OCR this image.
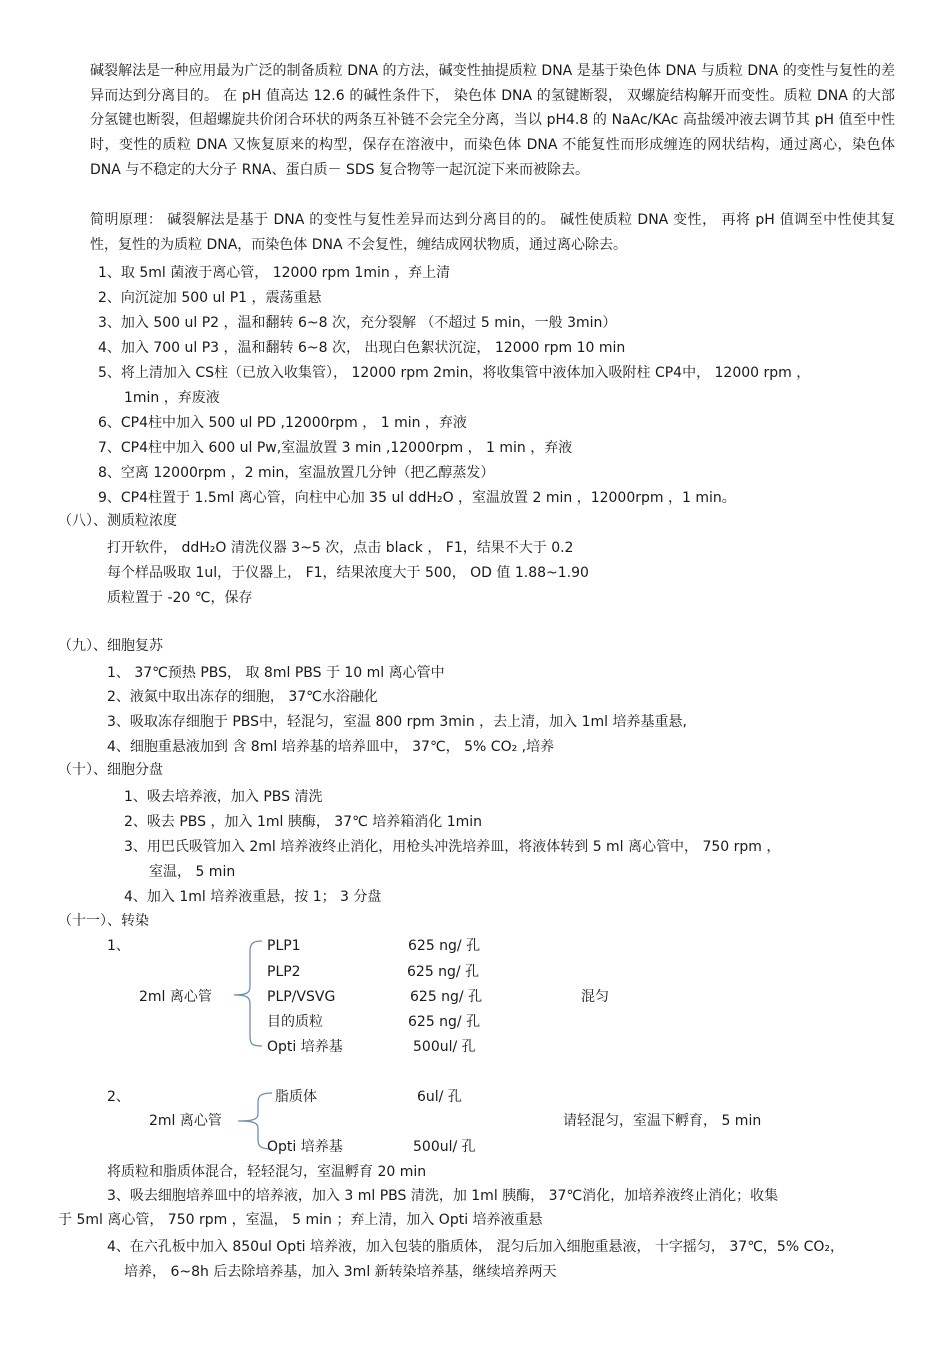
碱裂解法是一种应用最为广泛的制备质粒 DNA 的方法，碱变性抽提质粒 DNA 是基于染色体 DNA 与质粒 DNA 的变性与复性的差异而达到分离目的。 在 pH 值高达 12.6 的碱性条件下， 染色体 DNA 的氢键断裂， 双螺旋结构解开而变性。质粒 DNA 的大部分氢键也断裂，但超螺旋共价闭合环状的两条互补链不会完全分离，当以 pH4.8 的 NaAc/KAc 高盐缓冲液去调节其 pH 值至中性时，变性的质粒 DNA 又恢复原来的构型，保存在溶液中，而染色体 DNA 不能复性而形成缠连的网状结构，通过离心，染色体 DNA 与不稳定的大分子 RNA、蛋白质－ SDS 复合物等一起沉淀下来而被除去。
简明原理： 碱裂解法是基于 DNA 的变性与复性差异而达到分离目的的。 碱性使质粒 DNA 变性， 再将 pH 值调至中性使其复性，复性的为质粒 DNA，而染色体 DNA 不会复性，缠结成网状物质，通过离心除去。
1、取 5ml 菌液于离心管， 12000 rpm 1min ，弃上清
2、向沉淀加 500 ul P1 ，震荡重悬
3、加入 500 ul P2 ，温和翻转 6~8 次，充分裂解 （不超过 5 min，一般 3min）
4、加入 700 ul P3 ，温和翻转 6~8 次， 出现白色絮状沉淀， 12000 rpm 10 min
5、将上清加入 CS柱（已放入收集管）， 12000 rpm 2min，将收集管中液体加入吸附柱 CP4中， 12000 rpm ，
1min ，弃废液
6、CP4柱中加入 500 ul PD ,12000rpm ， 1 min ，弃液
7、CP4柱中加入 600 ul Pw,室温放置 3 min ,12000rpm ， 1 min ，弃液
8、空离 12000rpm ，2 min，室温放置几分钟（把乙醇蒸发）
9、CP4柱置于 1.5ml 离心管，向柱中心加 35 ul ddH₂O ，室温放置 2 min ，12000rpm ，1 min。
（八）、测质粒浓度
打开软件， ddH₂O 清洗仪器 3~5 次，点击 black ， F1，结果不大于 0.2
每个样品吸取 1ul，于仪器上， F1，结果浓度大于 500， OD 值 1.88~1.90
质粒置于 -20 ℃，保存
（九）、细胞复苏
1、 37℃预热 PBS， 取 8ml PBS 于 10 ml 离心管中
2、液氮中取出冻存的细胞， 37℃水浴融化
3、吸取冻存细胞于 PBS中，轻混匀，室温 800 rpm 3min ，去上清，加入 1ml 培养基重悬,
4、细胞重悬液加到 含 8ml 培养基的培养皿中， 37℃， 5% CO₂ ,培养
（十）、细胞分盘
1、吸去培养液，加入 PBS 清洗
2、吸去 PBS ，加入 1ml 胰酶， 37℃ 培养箱消化 1min
3、用巴氏吸管加入 2ml 培养液终止消化，用枪头冲洗培养皿，将液体转到 5 ml 离心管中， 750 rpm ，
室温， 5 min
4、加入 1ml 培养液重悬，按 1； 3 分盘
（十一）、转染
1、
2ml 离心管
PLP1	625 ng/ 孔
PLP2	625 ng/ 孔
PLP/VSVG	625 ng/ 孔	混匀
目的质粒	625 ng/ 孔
Opti 培养基	500ul/ 孔
2、
2ml 离心管
脂质体	6ul/ 孔
请轻混匀，室温下孵育， 5 min
Opti 培养基	500ul/ 孔
将质粒和脂质体混合，轻轻混匀，室温孵育 20 min
3、吸去细胞培养皿中的培养液，加入 3 ml PBS 清洗，加 1ml 胰酶， 37℃消化，加培养液终止消化；收集
于 5ml 离心管， 750 rpm ，室温， 5 min ；弃上清，加入 Opti 培养液重悬
4、在六孔板中加入 850ul Opti 培养液，加入包装的脂质体， 混匀后加入细胞重悬液， 十字摇匀， 37℃，5% CO₂，
培养， 6~8h 后去除培养基，加入 3ml 新转染培养基，继续培养两天
